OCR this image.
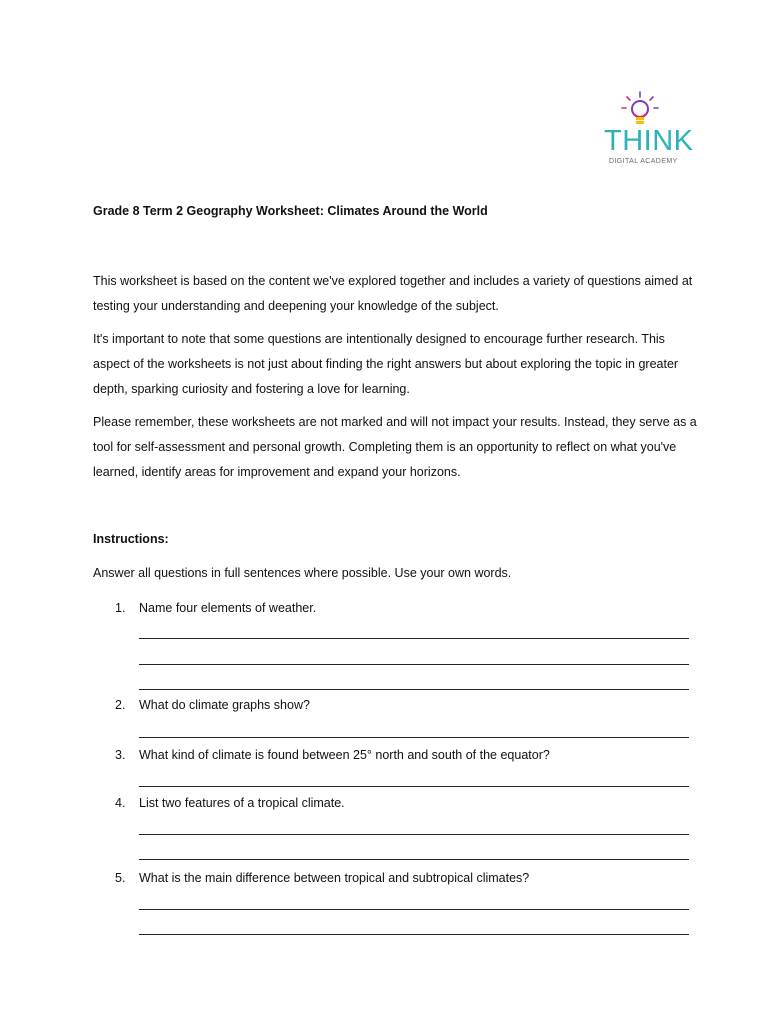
THINK
DIGITAL ACADEMY
Grade 8 Term 2 Geography Worksheet: Climates Around the World
This worksheet is based on the content we've explored together and includes a variety of questions aimed at testing your understanding and deepening your knowledge of the subject.
It's important to note that some questions are intentionally designed to encourage further research. This aspect of the worksheets is not just about finding the right answers but about exploring the topic in greater depth, sparking curiosity and fostering a love for learning.
Please remember, these worksheets are not marked and will not impact your results. Instead, they serve as a tool for self-assessment and personal growth. Completing them is an opportunity to reflect on what you've learned, identify areas for improvement and expand your horizons.
Instructions:
Answer all questions in full sentences where possible. Use your own words.
1. Name four elements of weather.
2. What do climate graphs show?
3. What kind of climate is found between 25° north and south of the equator?
4. List two features of a tropical climate.
5. What is the main difference between tropical and subtropical climates?
